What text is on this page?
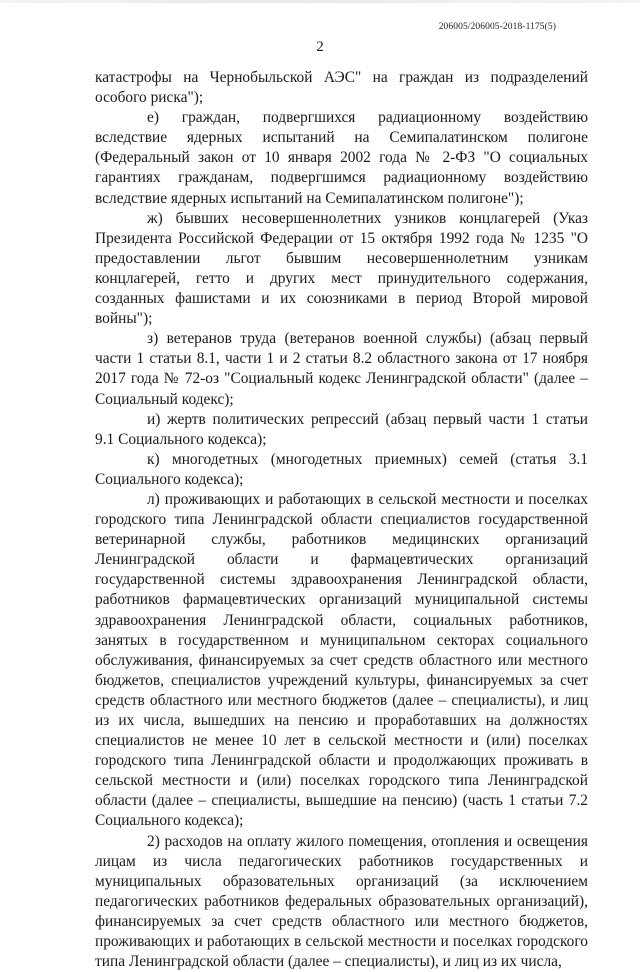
206005/206005-2018-1175(5)
2

катастрофы на Чернобыльской АЭС" на граждан из подразделений особого риска");

е) граждан, подвергшихся радиационному воздействию вследствие ядерных испытаний на Семипалатинском полигоне (Федеральный закон от 10 января 2002 года № 2-ФЗ "О социальных гарантиях гражданам, подвергшимся радиационному воздействию вследствие ядерных испытаний на Семипалатинском полигоне");

ж) бывших несовершеннолетних узников концлагерей (Указ Президента Российской Федерации от 15 октября 1992 года № 1235 "О предоставлении льгот бывшим несовершеннолетним узникам концлагерей, гетто и других мест принудительного содержания, созданных фашистами и их союзниками в период Второй мировой войны");

з) ветеранов труда (ветеранов военной службы) (абзац первый части 1 статьи 8.1, части 1 и 2 статьи 8.2 областного закона от 17 ноября 2017 года № 72-оз "Социальный кодекс Ленинградской области" (далее – Социальный кодекс);

и) жертв политических репрессий (абзац первый части 1 статьи 9.1 Социального кодекса);

к) многодетных (многодетных приемных) семей (статья 3.1 Социального кодекса);

л) проживающих и работающих в сельской местности и поселках городского типа Ленинградской области специалистов государственной ветеринарной службы, работников медицинских организаций Ленинградской области и фармацевтических организаций государственной системы здравоохранения Ленинградской области, работников фармацевтических организаций муниципальной системы здравоохранения Ленинградской области, социальных работников, занятых в государственном и муниципальном секторах социального обслуживания, финансируемых за счет средств областного или местного бюджетов, специалистов учреждений культуры, финансируемых за счет средств областного или местного бюджетов (далее – специалисты), и лиц из их числа, вышедших на пенсию и проработавших на должностях специалистов не менее 10 лет в сельской местности и (или) поселках городского типа Ленинградской области и продолжающих проживать в сельской местности и (или) поселках городского типа Ленинградской области (далее – специалисты, вышедшие на пенсию) (часть 1 статьи 7.2 Социального кодекса);

2) расходов на оплату жилого помещения, отопления и освещения лицам из числа педагогических работников государственных и муниципальных образовательных организаций (за исключением педагогических работников федеральных образовательных организаций), финансируемых за счет средств областного или местного бюджетов, проживающих и работающих в сельской местности и поселках городского типа Ленинградской области (далее – специалисты), и лиц из их числа,
